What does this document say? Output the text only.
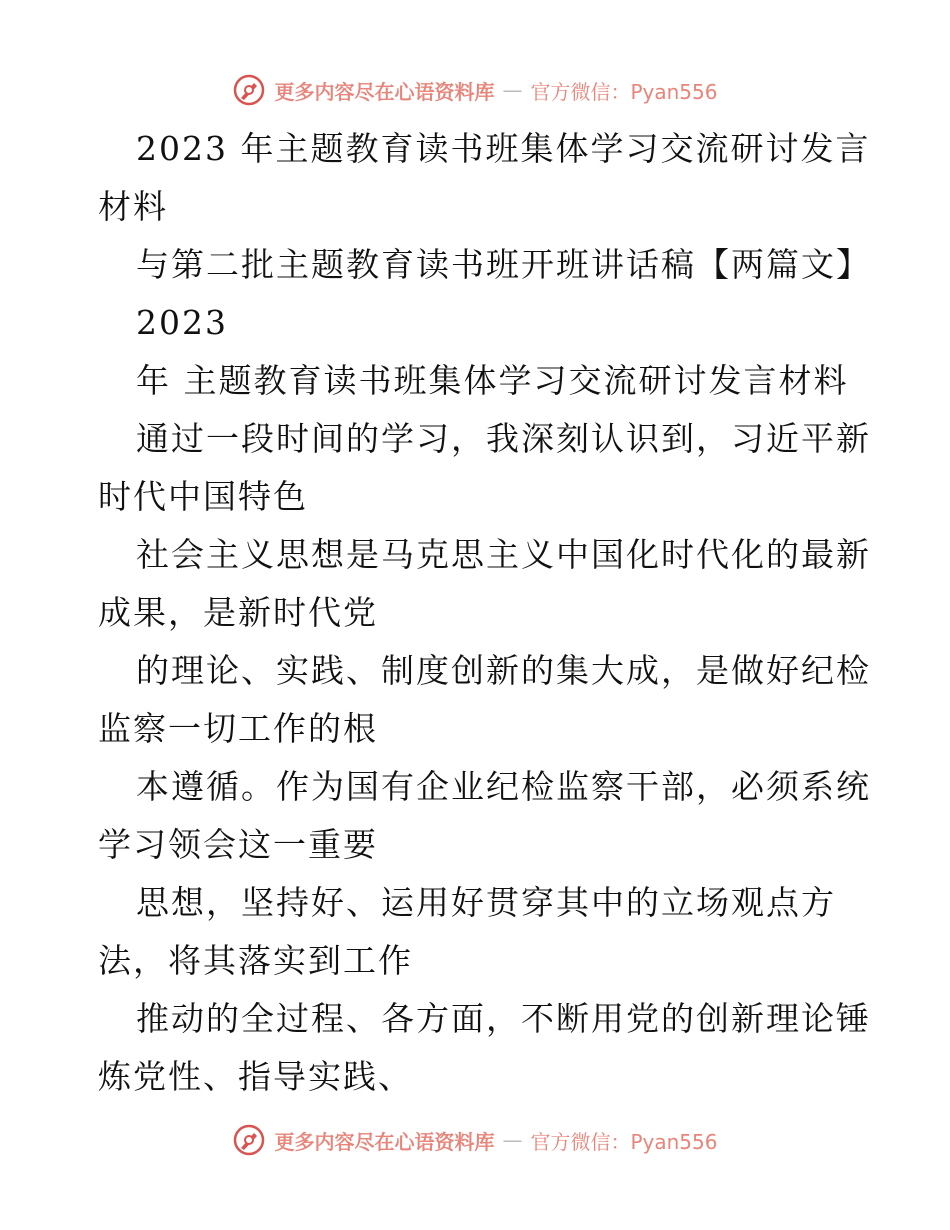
更多内容尽在心语资料库 — 官方微信：Pyan556
2023 年主题教育读书班集体学习交流研讨发言
材料
与第二批主题教育读书班开班讲话稿【两篇文】
2023
年 主题教育读书班集体学习交流研讨发言材料
通过一段时间的学习，我深刻认识到，习近平新
时代中国特色
社会主义思想是马克思主义中国化时代化的最新
成果，是新时代党
的理论、实践、制度创新的集大成，是做好纪检
监察一切工作的根
本遵循。作为国有企业纪检监察干部，必须系统
学习领会这一重要
思想，坚持好、运用好贯穿其中的立场观点方
法，将其落实到工作
推动的全过程、各方面，不断用党的创新理论锤
炼党性、指导实践、
更多内容尽在心语资料库 — 官方微信：Pyan556
